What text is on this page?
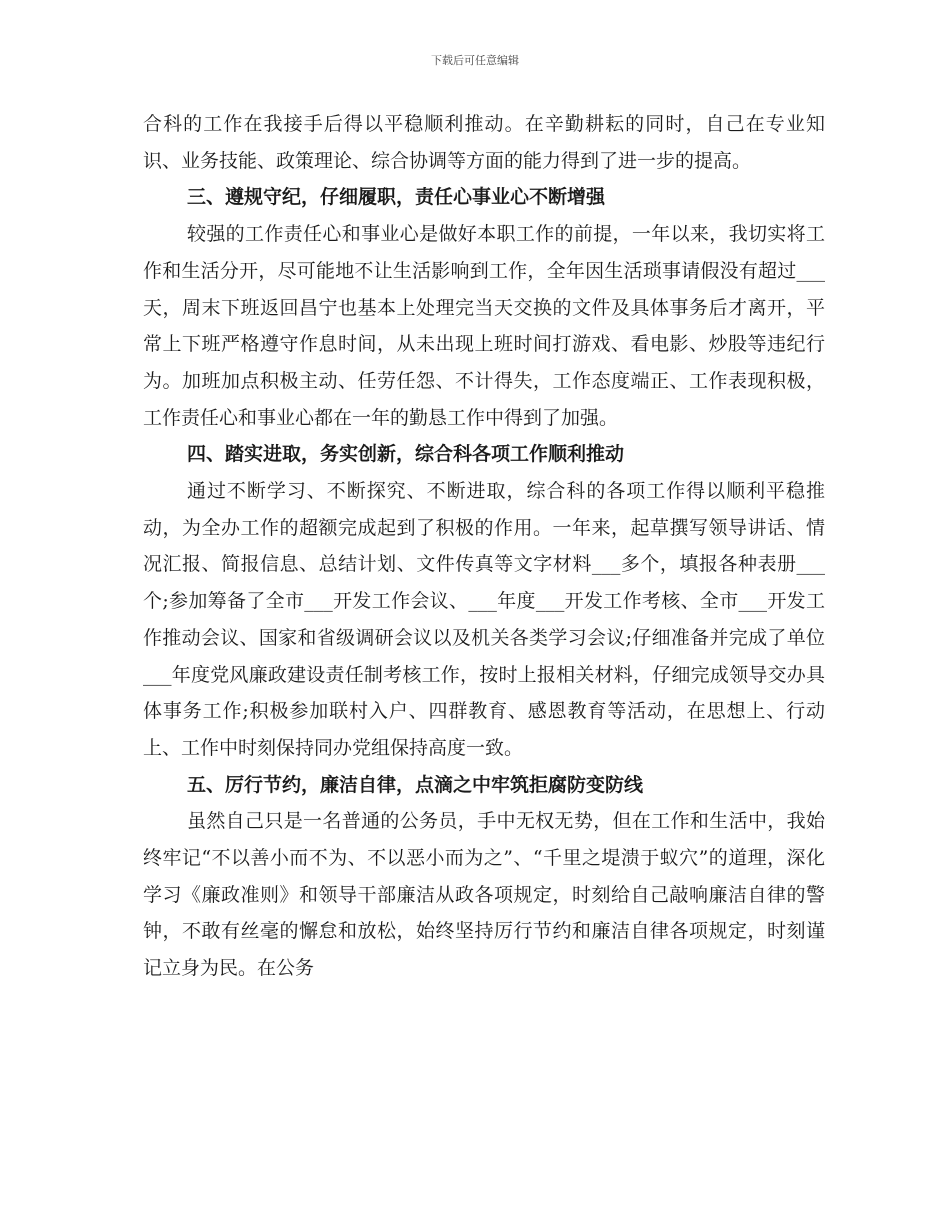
下载后可任意编辑

合科的工作在我接手后得以平稳顺利推动。在辛勤耕耘的同时，自己在专业知识、业务技能、政策理论、综合协调等方面的能力得到了进一步的提高。

三、遵规守纪，仔细履职，责任心事业心不断增强

较强的工作责任心和事业心是做好本职工作的前提，一年以来，我切实将工作和生活分开，尽可能地不让生活影响到工作，全年因生活琐事请假没有超过___天，周末下班返回昌宁也基本上处理完当天交换的文件及具体事务后才离开，平常上下班严格遵守作息时间，从未出现上班时间打游戏、看电影、炒股等违纪行为。加班加点积极主动、任劳任怨、不计得失，工作态度端正、工作表现积极，工作责任心和事业心都在一年的勤恳工作中得到了加强。

四、踏实进取，务实创新，综合科各项工作顺利推动

通过不断学习、不断探究、不断进取，综合科的各项工作得以顺利平稳推动，为全办工作的超额完成起到了积极的作用。一年来，起草撰写领导讲话、情况汇报、简报信息、总结计划、文件传真等文字材料___多个，填报各种表册___个;参加筹备了全市___开发工作会议、___年度___开发工作考核、全市___开发工作推动会议、国家和省级调研会议以及机关各类学习会议;仔细准备并完成了单位___年度党风廉政建设责任制考核工作，按时上报相关材料，仔细完成领导交办具体事务工作;积极参加联村入户、四群教育、感恩教育等活动，在思想上、行动上、工作中时刻保持同办党组保持高度一致。

五、厉行节约，廉洁自律，点滴之中牢筑拒腐防变防线

虽然自己只是一名普通的公务员，手中无权无势，但在工作和生活中，我始终牢记“不以善小而不为、不以恶小而为之”、“千里之堤溃于蚁穴”的道理，深化学习《廉政准则》和领导干部廉洁从政各项规定，时刻给自己敲响廉洁自律的警钟，不敢有丝毫的懈怠和放松，始终坚持厉行节约和廉洁自律各项规定，时刻谨记立身为民。在公务
